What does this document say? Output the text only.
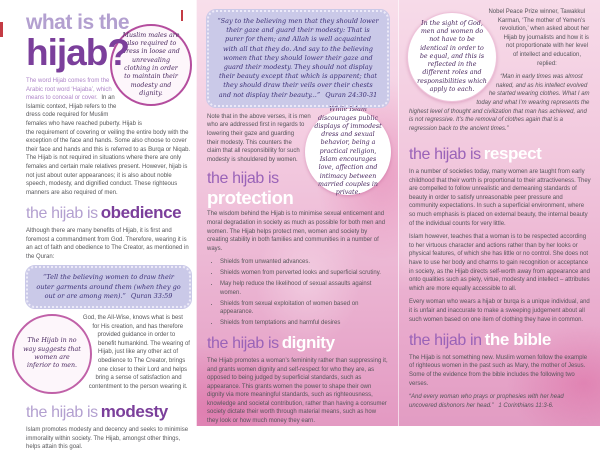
Muslim males are also required to dress in loose and unrevealing clothing in order to maintain their modesty and dignity.
what is the
hijab?

The word Hijab comes from the Arabic root word ‘Hajaba’, which means to conceal or cover. In an Islamic context, Hijab refers to the dress code required for Muslim females who have reached puberty. Hijab is the requirement of covering or veiling the entire body with the exception of the face and hands. Some also choose to cover their face and hands and this is referred to as Burqa or Niqab. The Hijab is not required in situations where there are only females and certain male relatives present. However, hijab is not just about outer appearances; it is also about noble speech, modesty, and dignified conduct. These righteous manners are also required of men.

the hijab is obedience

Although there are many benefits of Hijab, it is first and foremost a commandment from God. Therefore, wearing it is an act of faith and obedience to The Creator, as mentioned in the Quran:

“Tell the believing women to draw their outer garments around them (when they go out or are among men).” Quran 33:59

The Hijab in no way suggests that women are inferior to men.
God, the All-Wise, knows what is best for His creation, and has therefore provided guidance in order to benefit humankind. The wearing of Hijab, just like any other act of obedience to The Creator, brings one closer to their Lord and helps bring a sense of satisfaction and contentment to the person wearing it.

the hijab is modesty

Islam promotes modesty and decency and seeks to minimise immorality within society. The Hijab, amongst other things, helps attain this goal.

“Say to the believing men that they should lower their gaze and guard their modesty: That is purer for them; and Allah is well acquainted with all that they do. And say to the believing women that they should lower their gaze and guard their modesty. They should not display their beauty except that which is apparent; that they should draw their veils over their chests and not display their beauty...” Quran 24:30-31

While Islam discourages public displays of immodest dress and sexual behavior, being a practical religion, Islam encourages love, affection and intimacy between married couples in private.
Note that in the above verses, it is men who are addressed first in regards to lowering their gaze and guarding their modesty. This counters the claim that all responsibility for such modesty is shouldered by women.

the hijab is
protection

The wisdom behind the Hijab is to minimise sexual enticement and moral degradation in society as much as possible for both men and women. The Hijab helps protect men, women and society by creating stability in both families and communities in a number of ways.

• Shields from unwanted advances.
• Shields women from perverted looks and superficial scrutiny.
• May help reduce the likelihood of sexual assaults against women.
• Shields from sexual exploitation of women based on appearance.
• Shields from temptations and harmful desires
the hijab is dignity

The Hijab promotes a woman’s femininity rather than suppressing it, and grants women dignity and self-respect for who they are, as opposed to being judged by superficial standards, such as appearance. This grants women the power to shape their own dignity via more meaningful standards, such as righteousness, knowledge and societal contribution, rather than having a consumer society dictate their worth through material means, such as how they look or how much money they earn.

In the sight of God, men and women do not have to be identical in order to be equal, and this is reflected in the different roles and responsibilities which apply to each.
Nobel Peace Prize winner, Tawakkul Karman, ‘The mother of Yemen’s revolution,’ when asked about her Hijab by journalists and how it is not proportionate with her level of intellect and education, replied:

“Man in early times was almost naked, and as his intellect evolved he started wearing clothes. What I am today and what I’m wearing represents the highest level of thought and civilization that man has achieved, and is not regressive. It’s the removal of clothes again that is a regression back to the ancient times.”

the hijab is respect

In a number of societies today, many women are taught from early childhood that their worth is proportional to their attractiveness. They are compelled to follow unrealistic and demeaning standards of beauty in order to satisfy unreasonable peer pressure and community expectations. In such a superficial environment, where so much emphasis is placed on external beauty, the internal beauty of the individual counts for very little.

Islam however, teaches that a woman is to be respected according to her virtuous character and actions rather than by her looks or physical features, of which she has little or no control. She does not have to use her body and charms to gain recognition or acceptance in society, as the Hijab directs self-worth away from appearance and onto qualities such as piety, virtue, modesty and intellect – attributes which are more equally accessible to all.

Every woman who wears a hijab or burqa is a unique individual, and it is unfair and inaccurate to make a sweeping judgement about all such women based on one item of clothing they have in common.

the hijab in the bible

The Hijab is not something new. Muslim women follow the example of righteous women in the past such as Mary, the mother of Jesus. Some of the evidence from the bible includes the following two verses.

“And every woman who prays or prophesies with her head uncovered dishonors her head.” 1 Corinthians 11:3-6.
